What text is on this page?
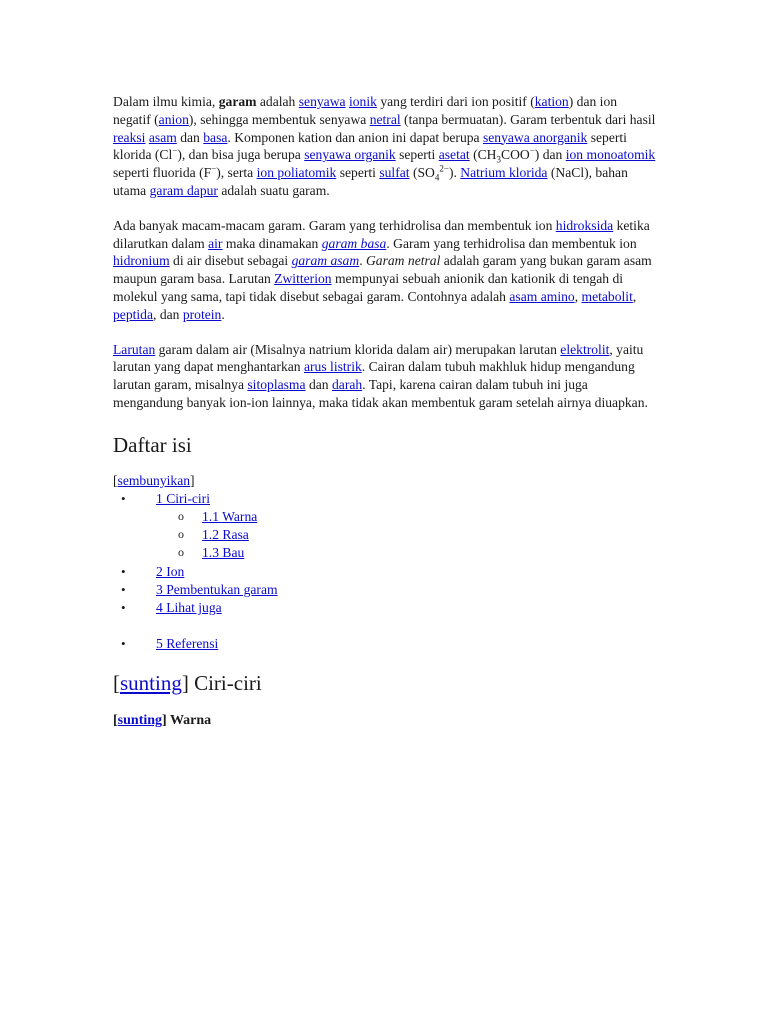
Dalam ilmu kimia, garam adalah senyawa ionik yang terdiri dari ion positif (kation) dan ion negatif (anion), sehingga membentuk senyawa netral (tanpa bermuatan). Garam terbentuk dari hasil reaksi asam dan basa. Komponen kation dan anion ini dapat berupa senyawa anorganik seperti klorida (Cl−), dan bisa juga berupa senyawa organik seperti asetat $(CH_3COO^-)$ dan ion monoatomik seperti fluorida (F−), serta ion poliatomik seperti sulfat $(SO_4^{2-})$. Natrium klorida (NaCl), bahan utama garam dapur adalah suatu garam.

Ada banyak macam-macam garam. Garam yang terhidrolisa dan membentuk ion hidroksida ketika dilarutkan dalam air maka dinamakan garam basa. Garam yang terhidrolisa dan membentuk ion hidronium di air disebut sebagai garam asam. Garam netral adalah garam yang bukan garam asam maupun garam basa. Larutan Zwitterion mempunyai sebuah anionik dan kationik di tengah di molekul yang sama, tapi tidak disebut sebagai garam. Contohnya adalah asam amino, metabolit, peptida, dan protein.

Larutan garam dalam air (Misalnya natrium klorida dalam air) merupakan larutan elektrolit, yaitu larutan yang dapat menghantarkan arus listrik. Cairan dalam tubuh makhluk hidup mengandung larutan garam, misalnya sitoplasma dan darah. Tapi, karena cairan dalam tubuh ini juga mengandung banyak ion-ion lainnya, maka tidak akan membentuk garam setelah airnya diuapkan.

Daftar isi
[sembunyikan]
• 1 Ciri-ciri
o 1.1 Warna
o 1.2 Rasa
o 1.3 Bau
• 2 Ion
• 3 Pembentukan garam
• 4 Lihat juga
• 5 Referensi
[sunting] Ciri-ciri
[sunting] Warna
